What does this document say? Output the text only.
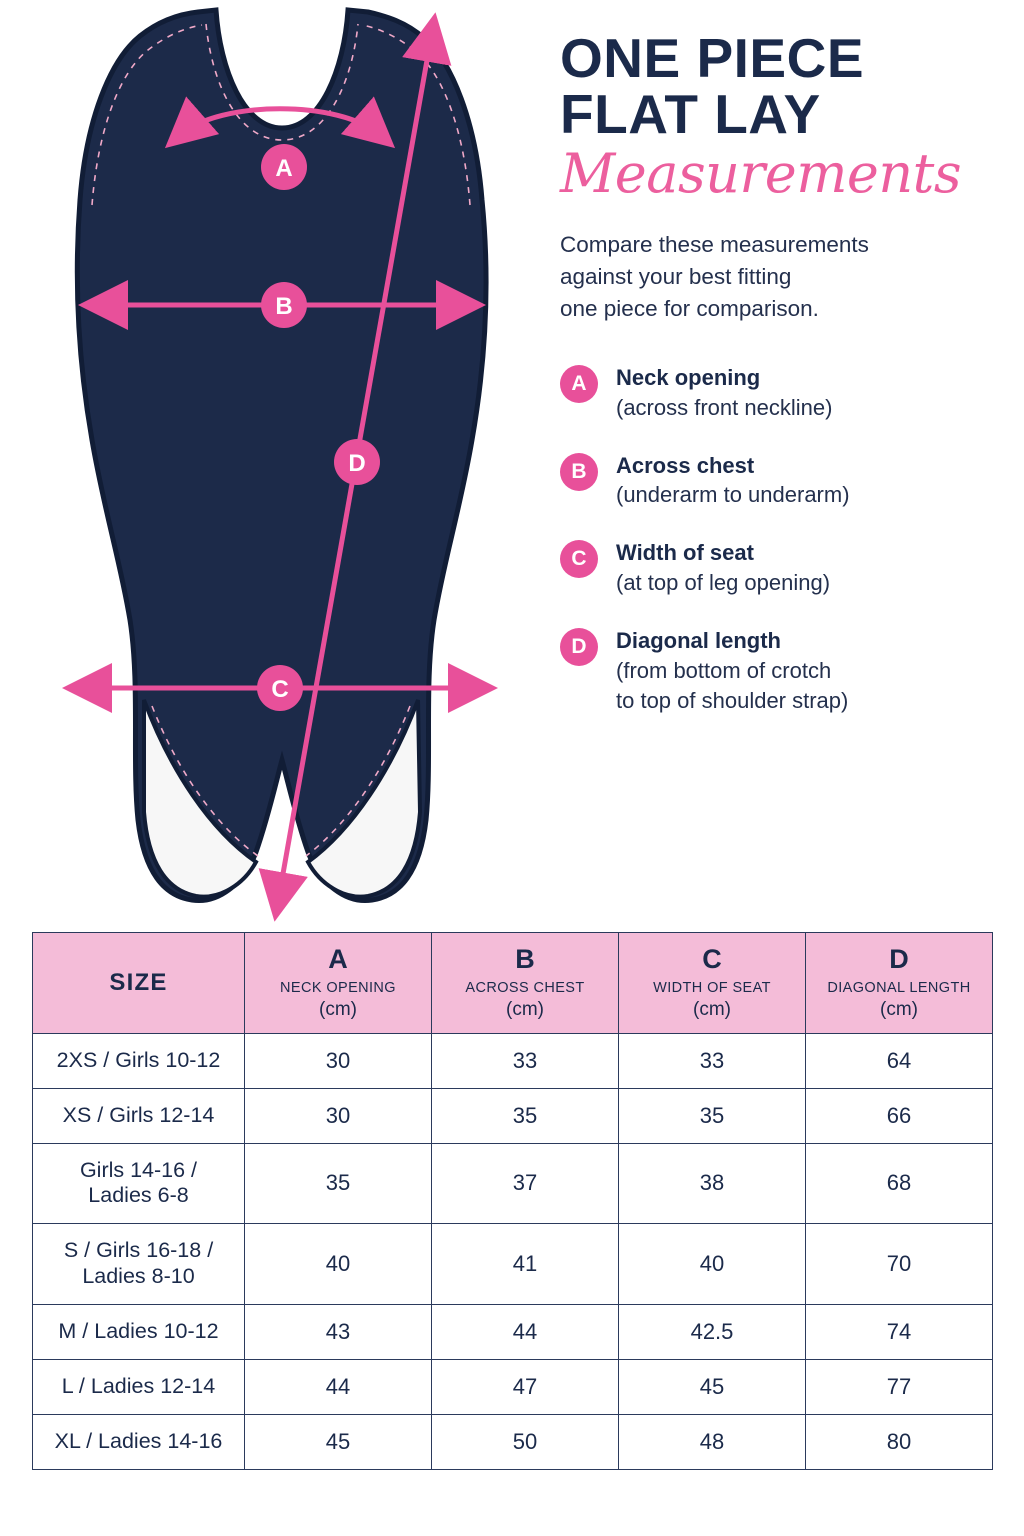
A
B
C
D
ONE PIECE
FLAT LAY
Measurements
Compare these measurements
against your best fitting
one piece for comparison.
A	Neck opening
(across front neckline)
B	Across chest
(underarm to underarm)
C	Width of seat
(at top of leg opening)
D	Diagonal length
(from bottom of crotch
to top of shoulder strap)
SIZE	A
NECK OPENING
(cm)	B
ACROSS CHEST
(cm)	C
WIDTH OF SEAT
(cm)	D
DIAGONAL LENGTH
(cm)

2XS / Girls 10-12	30	33	33	64
XS / Girls 12-14	30	35	35	66
Girls 14-16 /
Ladies 6-8	35	37	38	68
S / Girls 16-18 /
Ladies 8-10	40	41	40	70
M / Ladies 10-12	43	44	42.5	74
L / Ladies 12-14	44	47	45	77
XL / Ladies 14-16	45	50	48	80
